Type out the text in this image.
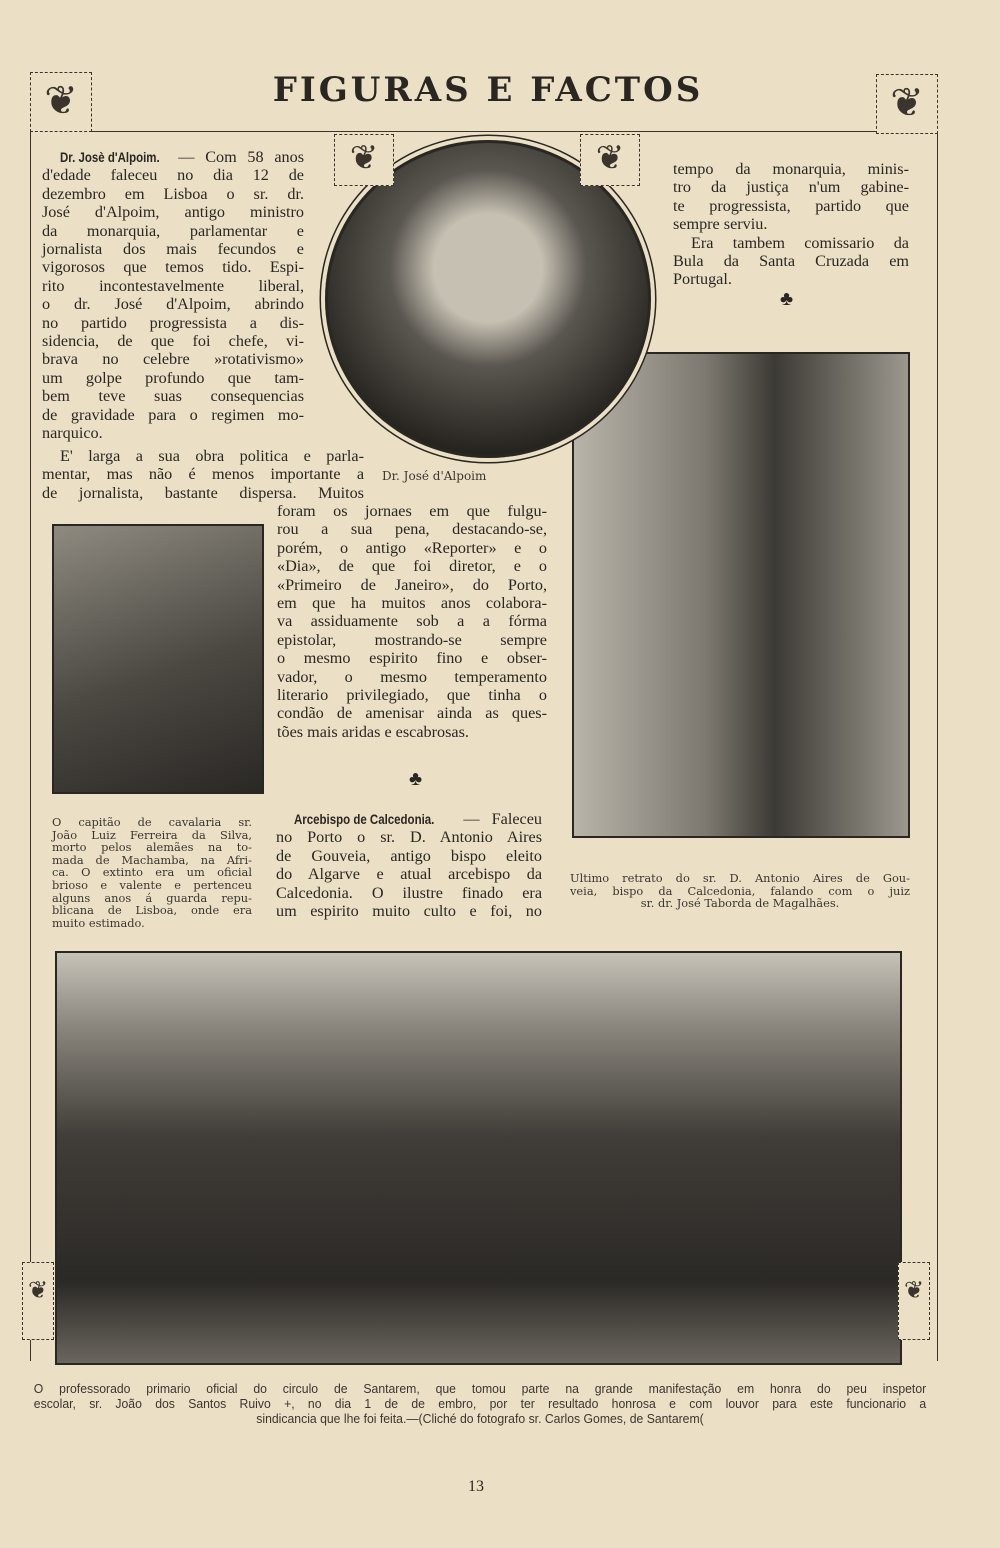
❦	❦
❦	❦
❦	❦
FIGURAS E FACTOS
Dr. Josè d'Alpoim. — Com 58 anos
d'edade faleceu no dia 12 de
dezembro em Lisboa o sr. dr.
José d'Alpoim, antigo ministro
da monarquia, parlamentar e
jornalista dos mais fecundos e
vigorosos que temos tido. Espi-
rito incontestavelmente liberal,
o dr. José d'Alpoim, abrindo
no partido progressista a dis-
sidencia, de que foi chefe, vi-
brava no celebre »rotativismo»
um golpe profundo que tam-
bem teve suas consequencias
de gravidade para o regimen mo-
narquico.
E' larga a sua obra politica e parla-
mentar, mas não é menos importante a
de jornalista, bastante dispersa. Muitos
foram os jornaes em que fulgu-
rou a sua pena, destacando-se,
porém, o antigo «Reporter» e o
«Dia», de que foi diretor, e o
«Primeiro de Janeiro», do Porto,
em que ha muitos anos colabora-
va assiduamente sob a a fórma
epistolar, mostrando-se sempre
o mesmo espirito fino e obser-
vador, o mesmo temperamento
literario privilegiado, que tinha o
condão de amenisar ainda as ques-
tões mais aridas e escabrosas.
tempo da monarquia, minis-
tro da justiça n'um gabine-
te progressista, partido que
sempre serviu.
Era tambem comissario da
Bula da Santa Cruzada em
Portugal.
Arcebispo de Calcedonia. — Faleceu
no Porto o sr. D. Antonio Aires
de Gouveia, antigo bispo eleito
do Algarve e atual arcebispo da
Calcedonia. O ilustre finado era
um espirito muito culto e foi, no
♣
♣
Dr. José d'Alpoim
O capitão de cavalaria sr.
João Luiz Ferreira da Silva,
morto pelos alemães na to-
mada de Machamba, na Afri-
ca. O extinto era um oficial
brioso e valente e pertenceu
alguns anos á guarda repu-
blicana de Lisboa, onde era
muito estimado.
Ultimo retrato do sr. D. Antonio Aires de Gou-
veia, bispo da Calcedonia, falando com o juiz
sr. dr. José Taborda de Magalhães.
O professorado primario oficial do circulo de Santarem, que tomou parte na grande manifestação em honra do peu inspetor
escolar, sr. João dos Santos Ruivo +, no dia 1 de de embro, por ter resultado honrosa e com louvor para este funcionario a
sindicancia que lhe foi feita.—(Cliché do fotografo sr. Carlos Gomes, de Santarem(
13
